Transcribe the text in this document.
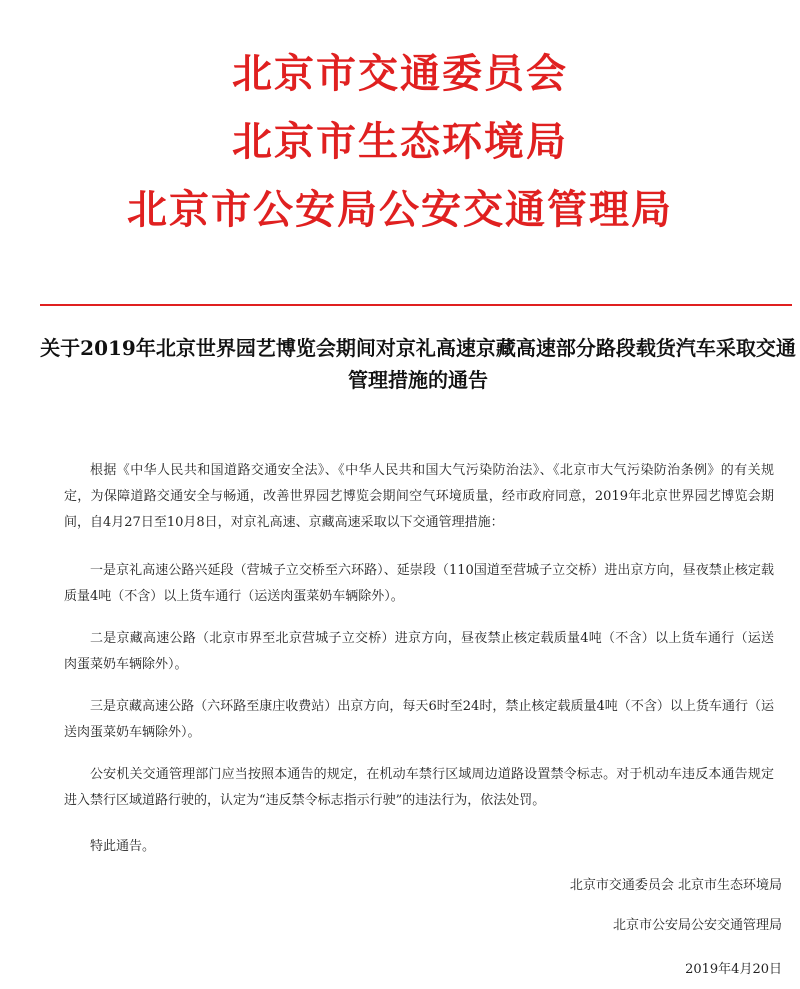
北京市交通委员会
北京市生态环境局
北京市公安局公安交通管理局
关于2019年北京世界园艺博览会期间对京礼高速京藏高速部分路段载货汽车采取交通管理措施的通告
根据《中华人民共和国道路交通安全法》、《中华人民共和国大气污染防治法》、《北京市大气污染防治条例》的有关规定，为保障道路交通安全与畅通，改善世界园艺博览会期间空气环境质量，经市政府同意，2019年北京世界园艺博览会期间，自4月27日至10月8日，对京礼高速、京藏高速采取以下交通管理措施：
一是京礼高速公路兴延段（营城子立交桥至六环路）、延崇段（110国道至营城子立交桥）进出京方向，昼夜禁止核定载质量4吨（不含）以上货车通行（运送肉蛋菜奶车辆除外）。
二是京藏高速公路（北京市界至北京营城子立交桥）进京方向，昼夜禁止核定载质量4吨（不含）以上货车通行（运送肉蛋菜奶车辆除外）。
三是京藏高速公路（六环路至康庄收费站）出京方向，每天6时至24时，禁止核定载质量4吨（不含）以上货车通行（运送肉蛋菜奶车辆除外）。
公安机关交通管理部门应当按照本通告的规定，在机动车禁行区域周边道路设置禁令标志。对于机动车违反本通告规定进入禁行区域道路行驶的，认定为“违反禁令标志指示行驶”的违法行为，依法处罚。
特此通告。
北京市交通委员会 北京市生态环境局
北京市公安局公安交通管理局
2019年4月20日
